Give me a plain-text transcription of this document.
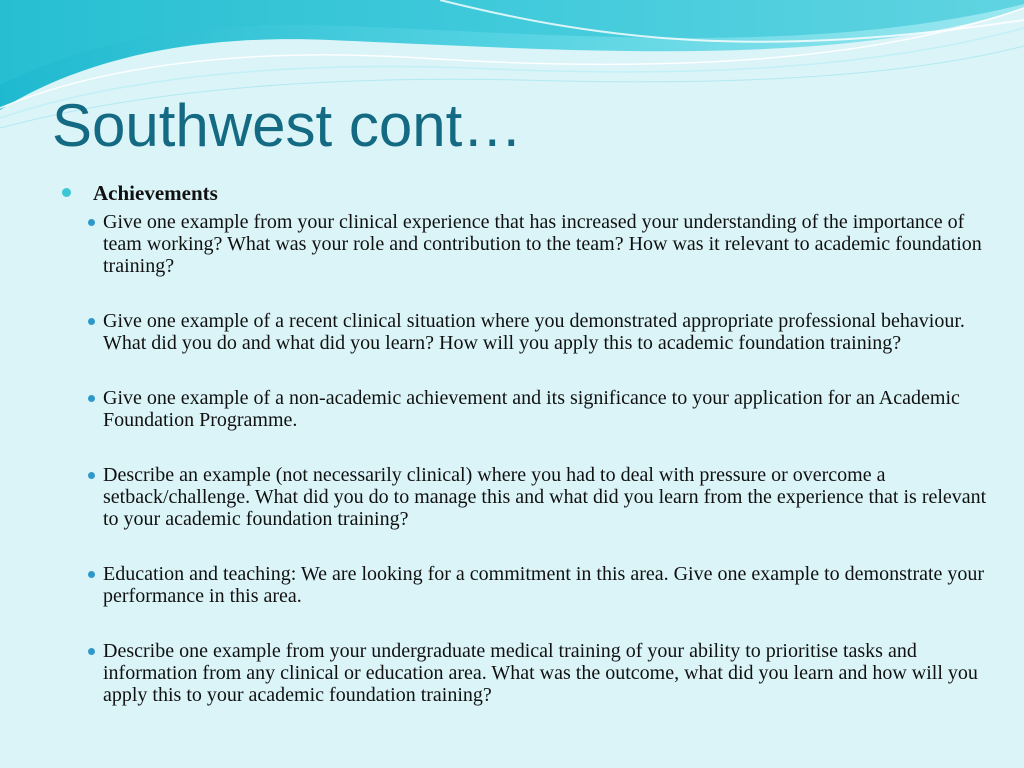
Southwest cont…
Achievements
Give one example from your clinical experience that has increased your understanding of the importance of team working? What was your role and contribution to the team? How was it relevant to academic foundation training?
Give one example of a recent clinical situation where you demonstrated appropriate professional behaviour. What did you do and what did you learn? How will you apply this to academic foundation training?
Give one example of a non-academic achievement and its significance to your application for an Academic Foundation Programme.
Describe an example (not necessarily clinical) where you had to deal with pressure or overcome a setback/challenge. What did you do to manage this and what did you learn from the experience that is relevant to your academic foundation training?
Education and teaching: We are looking for a commitment in this area. Give one example to demonstrate your performance in this area.
Describe one example from your undergraduate medical training of your ability to prioritise tasks and information from any clinical or education area. What was the outcome, what did you learn and how will you apply this to your academic foundation training?
